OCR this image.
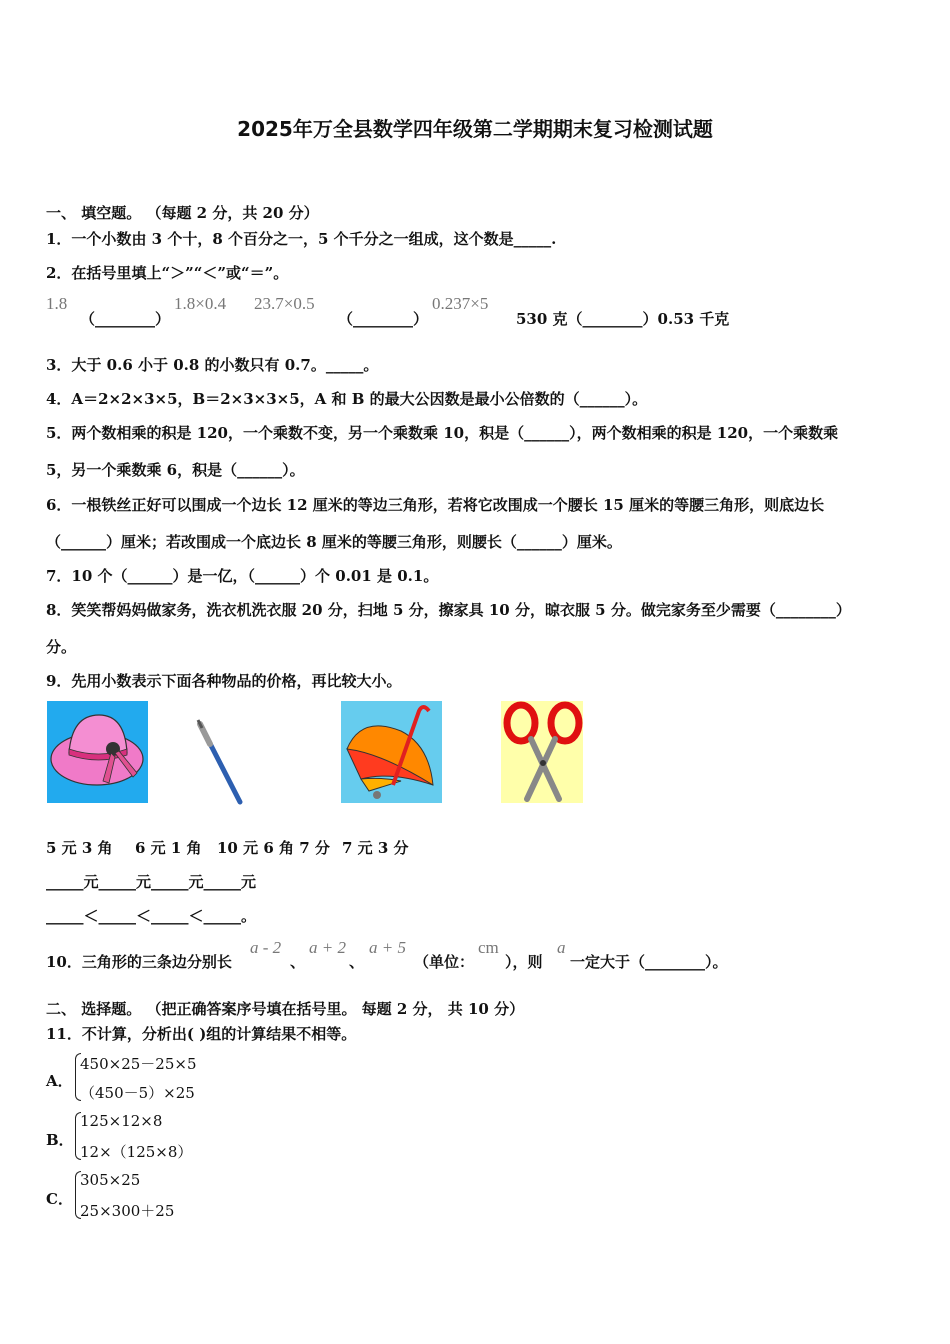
2025年万全县数学四年级第二学期期末复习检测试题
一、 填空题。 （每题 2 分，共 20 分）
1．一个小数由 3 个十，8 个百分之一，5 个千分之一组成，这个数是_____.
2．在括号里填上“＞”“＜”或“＝”。
1.8
（________）
1.8×0.4 23.7×0.5
（________）
0.237×5
530 克（________）0.53 千克
3．大于 0.6 小于 0.8 的小数只有 0.7。_____。
4．A＝2×2×3×5，B＝2×3×3×5，A 和 B 的最大公因数是最小公倍数的（______）。
5．两个数相乘的积是 120，一个乘数不变，另一个乘数乘 10，积是（______），两个数相乘的积是 120，一个乘数乘
5，另一个乘数乘 6，积是（______）。
6．一根铁丝正好可以围成一个边长 12 厘米的等边三角形，若将它改围成一个腰长 15 厘米的等腰三角形，则底边长
（______）厘米；若改围成一个底边长 8 厘米的等腰三角形，则腰长（______）厘米。
7．10 个（______）是一亿，（______）个 0.01 是 0.1。
8．笑笑帮妈妈做家务，洗衣机洗衣服 20 分，扫地 5 分，擦家具 10 分，晾衣服 5 分。做完家务至少需要（________）
分。
9．先用小数表示下面各种物品的价格，再比较大小。
5 元 3 角 6 元 1 角 10 元 6 角 7 分 7 元 3 分
_____元_____元_____元_____元
_____＜_____＜_____＜_____。
10．三角形的三条边分别长
a - 2
、
a + 2
、
a + 5
（单位：
cm
），则
a
一定大于（________）。
二、 选择题。 （把正确答案序号填在括号里。 每题 2 分， 共 10 分）
11．不计算，分析出( )组的计算结果不相等。
A．
450×25－25×5
（450－5）×25
B．
125×12×8
12×（125×8）
C．
305×25
25×300＋25
